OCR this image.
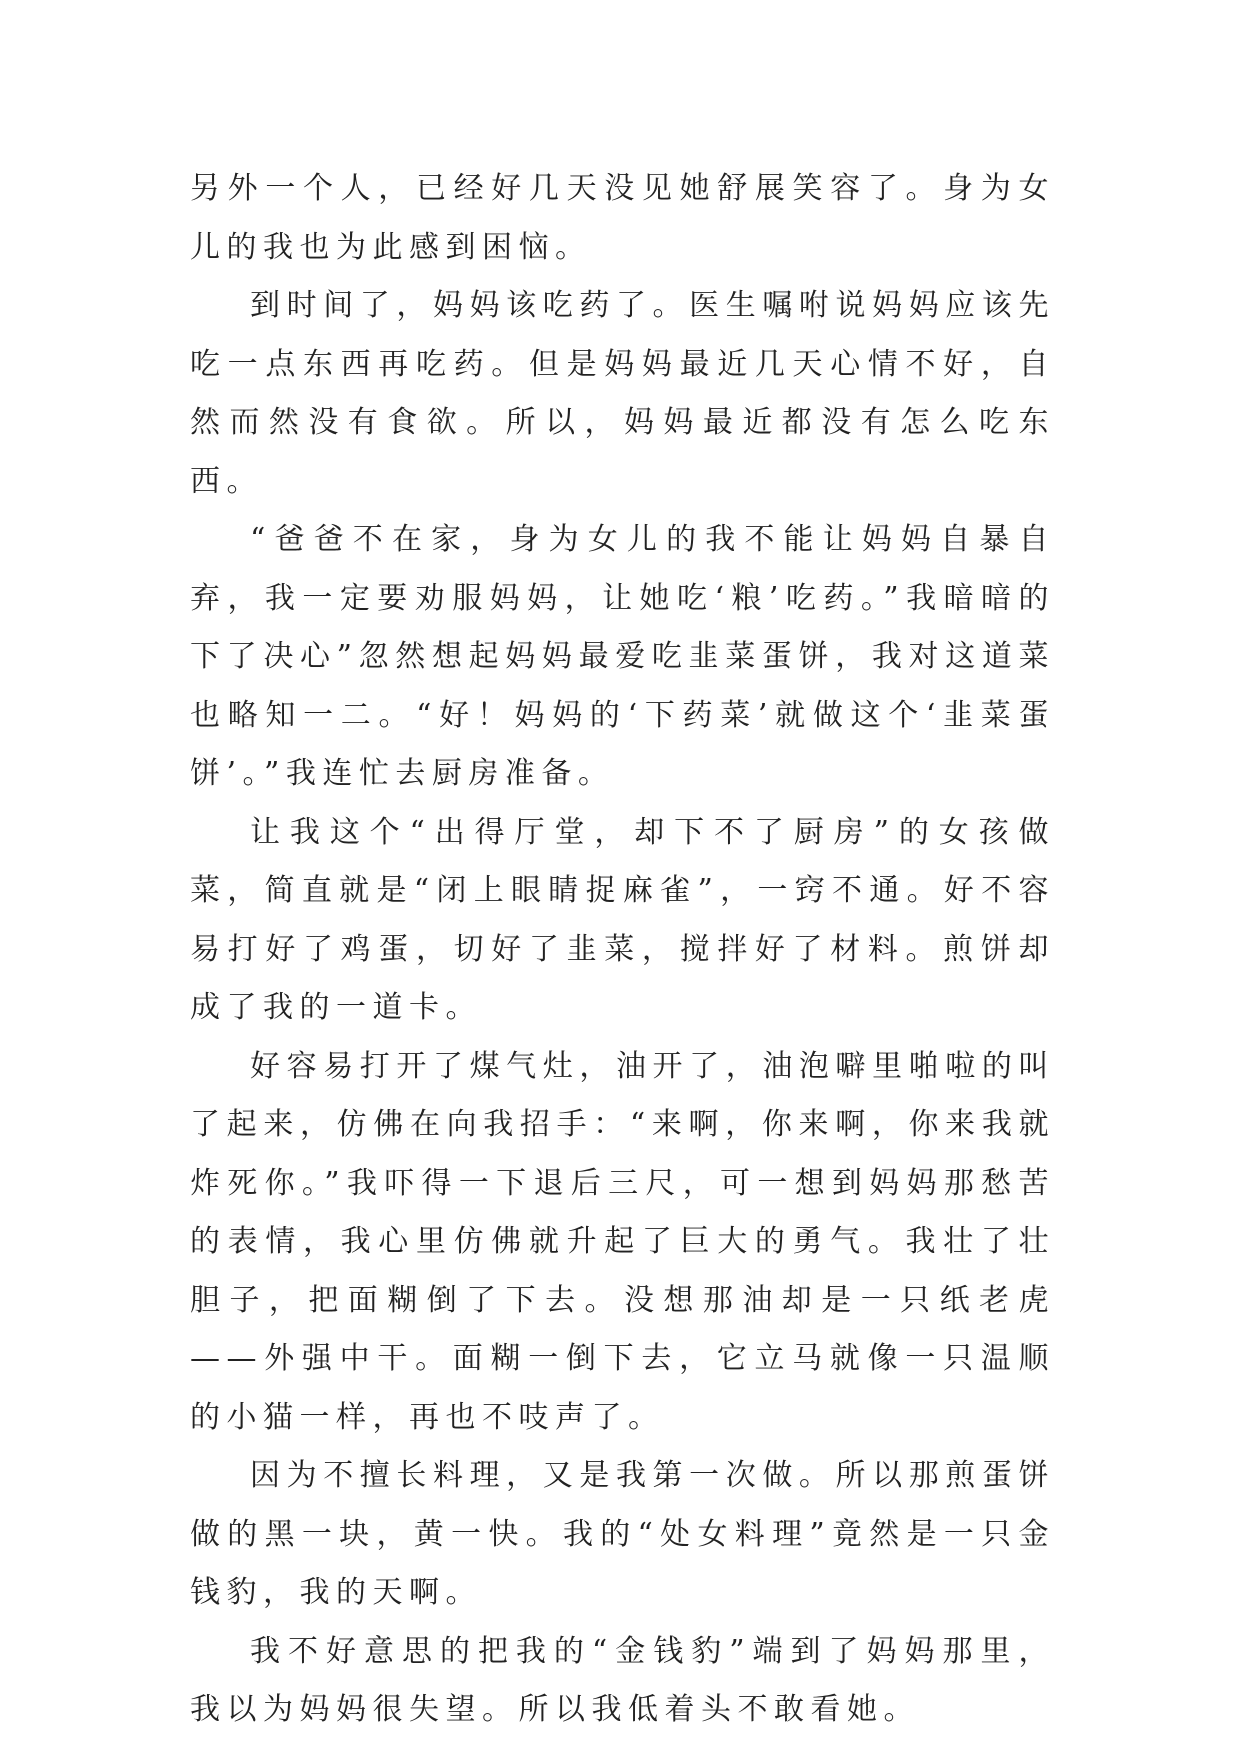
另外一个人，已经好几天没见她舒展笑容了。身为女儿的我也为此感到困恼。

到时间了，妈妈该吃药了。医生嘱咐说妈妈应该先吃一点东西再吃药。但是妈妈最近几天心情不好，自然而然没有食欲。所以，妈妈最近都没有怎么吃东西。

“爸爸不在家，身为女儿的我不能让妈妈自暴自弃，我一定要劝服妈妈，让她吃‘粮’吃药。”我暗暗的下了决心”忽然想起妈妈最爱吃韭菜蛋饼，我对这道菜也略知一二。“好！妈妈的‘下药菜’就做这个‘韭菜蛋饼’。”我连忙去厨房准备。

让我这个“出得厅堂，却下不了厨房”的女孩做菜，简直就是“闭上眼睛捉麻雀”，一窍不通。好不容易打好了鸡蛋，切好了韭菜，搅拌好了材料。煎饼却成了我的一道卡。

好容易打开了煤气灶，油开了，油泡噼里啪啦的叫了起来，仿佛在向我招手：“来啊，你来啊，你来我就炸死你。”我吓得一下退后三尺，可一想到妈妈那愁苦的表情，我心里仿佛就升起了巨大的勇气。我壮了壮胆子，把面糊倒了下去。没想那油却是一只纸老虎——外强中干。面糊一倒下去，它立马就像一只温顺的小猫一样，再也不吱声了。

因为不擅长料理，又是我第一次做。所以那煎蛋饼做的黑一块，黄一快。我的“处女料理”竟然是一只金钱豹，我的天啊。

我不好意思的把我的“金钱豹”端到了妈妈那里，我以为妈妈很失望。所以我低着头不敢看她。
